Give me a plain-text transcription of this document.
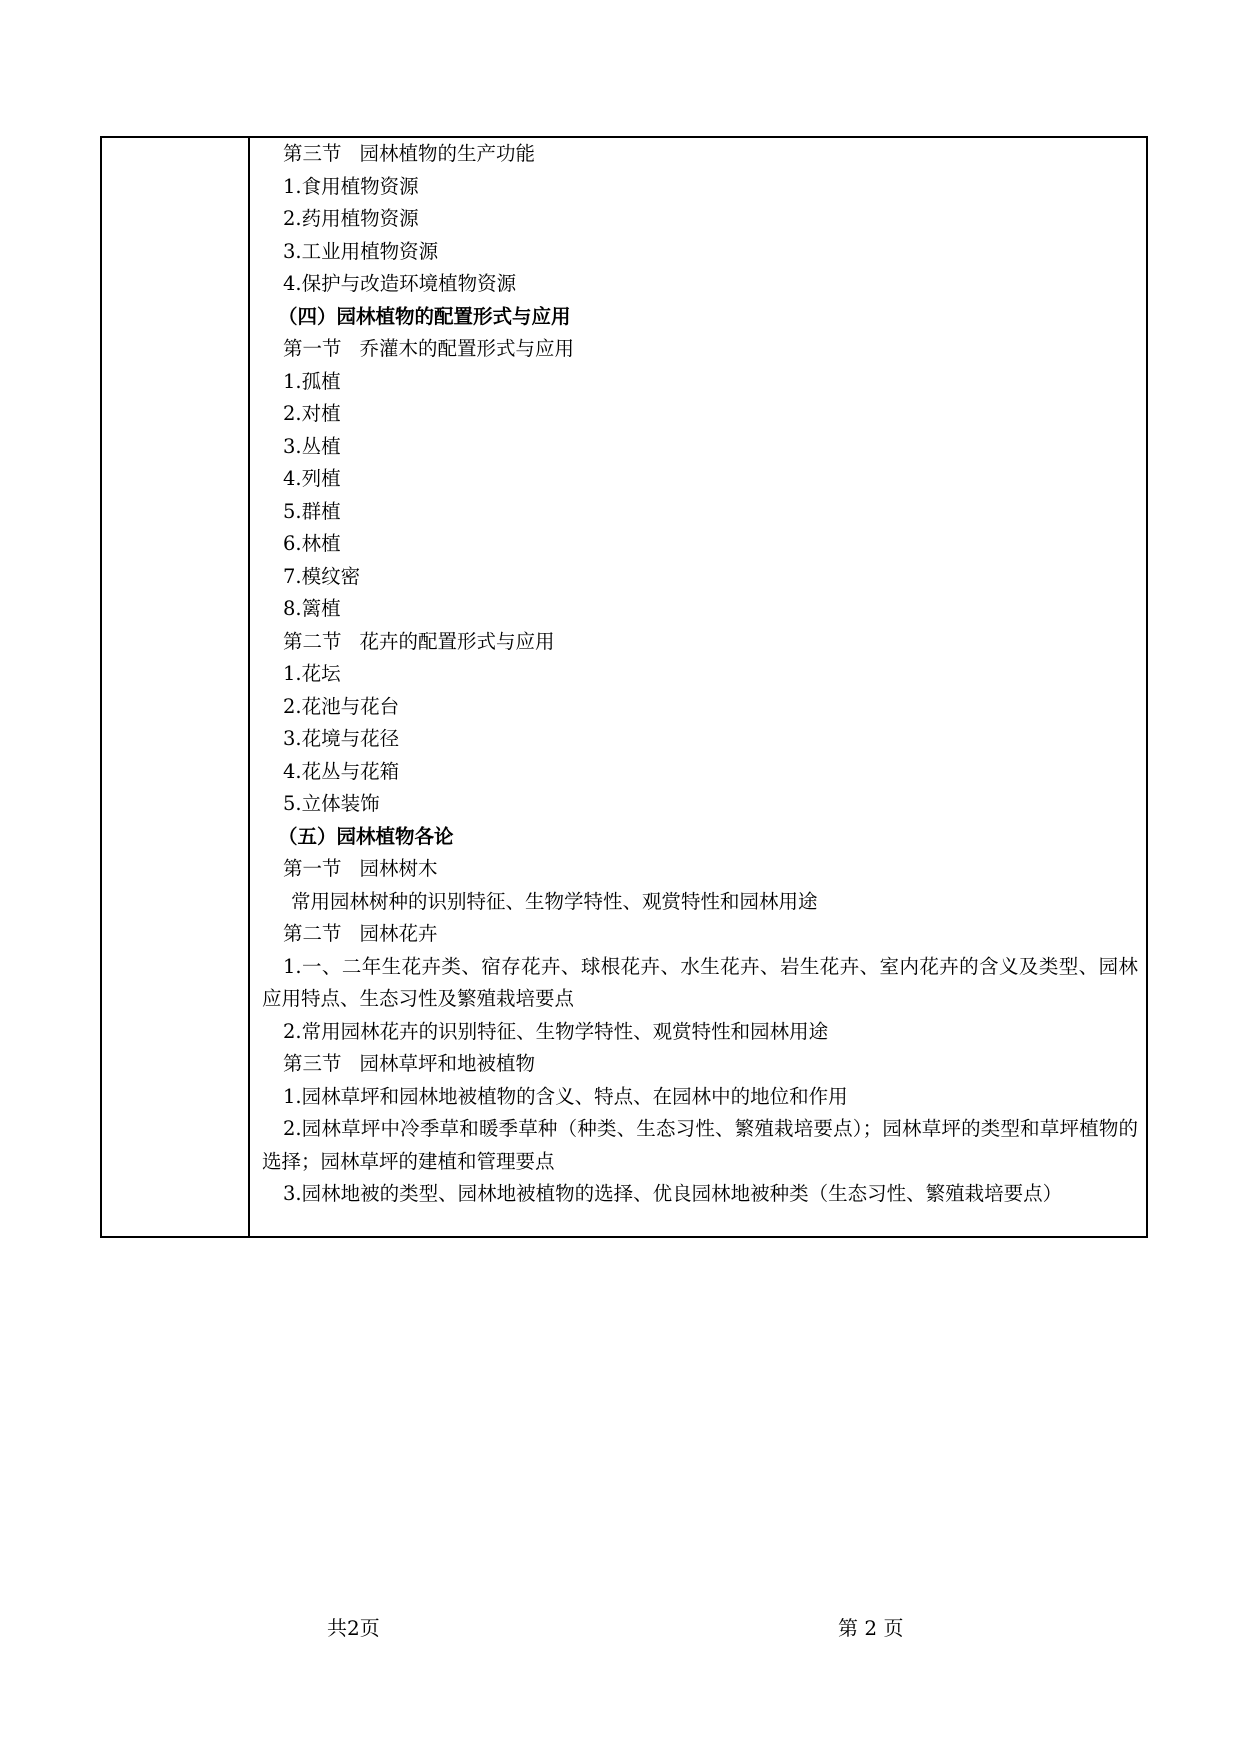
第三节 园林植物的生产功能
1.食用植物资源
2.药用植物资源
3.工业用植物资源
4.保护与改造环境植物资源
（四）园林植物的配置形式与应用
第一节 乔灌木的配置形式与应用
1.孤植
2.对植
3.丛植
4.列植
5.群植
6.林植
7.模纹密
8.篱植
第二节 花卉的配置形式与应用
1.花坛
2.花池与花台
3.花境与花径
4.花丛与花箱
5.立体装饰
（五）园林植物各论
第一节 园林树木
常用园林树种的识别特征、生物学特性、观赏特性和园林用途
第二节 园林花卉
1.一、二年生花卉类、宿存花卉、球根花卉、水生花卉、岩生花卉、室内花卉的含义及类型、园林应用特点、生态习性及繁殖栽培要点
2.常用园林花卉的识别特征、生物学特性、观赏特性和园林用途
第三节 园林草坪和地被植物
1.园林草坪和园林地被植物的含义、特点、在园林中的地位和作用
2.园林草坪中冷季草和暖季草种（种类、生态习性、繁殖栽培要点）；园林草坪的类型和草坪植物的选择；园林草坪的建植和管理要点
3.园林地被的类型、园林地被植物的选择、优良园林地被种类（生态习性、繁殖栽培要点）
共2页	第 2 页
